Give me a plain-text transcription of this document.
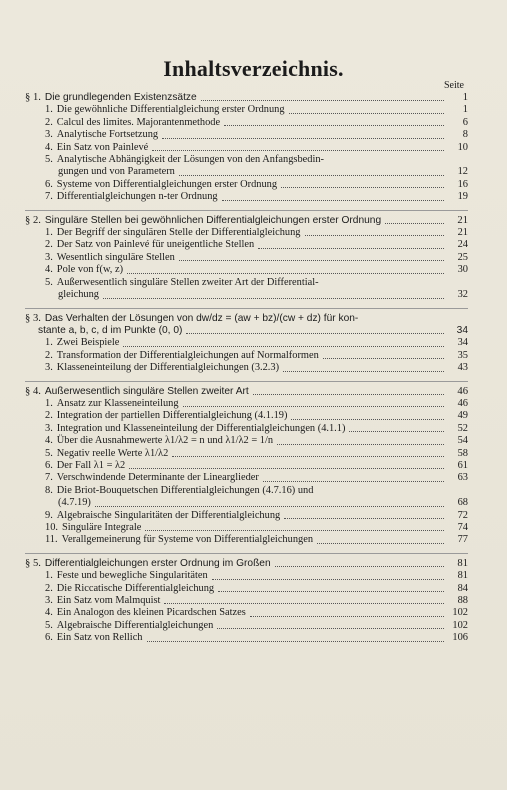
Inhaltsverzeichnis.
Seite
§ 1. Die grundlegenden Existenzsätze	1
1. Die gewöhnliche Differentialgleichung erster Ordnung	1
2. Calcul des limites. Majorantenmethode	6
3. Analytische Fortsetzung	8
4. Ein Satz von Painlevé	10
5. Analytische Abhängigkeit der Lösungen von den Anfangsbedin-
gungen und von Parametern	12
6. Systeme von Differentialgleichungen erster Ordnung	16
7. Differentialgleichungen n-ter Ordnung	19
§ 2. Singuläre Stellen bei gewöhnlichen Differentialgleichungen erster Ordnung	21
1. Der Begriff der singulären Stelle der Differentialgleichung	21
2. Der Satz von Painlevé für uneigentliche Stellen	24
3. Wesentlich singuläre Stellen	25
4. Pole von f(w, z)	30
5. Außerwesentlich singuläre Stellen zweiter Art der Differential-
gleichung	32
§ 3. Das Verhalten der Lösungen von dw/dz = (aw + bz)/(cw + dz) für kon-
stante a, b, c, d im Punkte (0, 0)	34
1. Zwei Beispiele	34
2. Transformation der Differentialgleichungen auf Normalformen	35
3. Klasseneinteilung der Differentialgleichungen (3.2.3)	43
§ 4. Außerwesentlich singuläre Stellen zweiter Art	46
1. Ansatz zur Klasseneinteilung	46
2. Integration der partiellen Differentialgleichung (4.1.19)	49
3. Integration und Klasseneinteilung der Differentialgleichungen (4.1.1)	52
4. Über die Ausnahmewerte λ1/λ2 = n und λ1/λ2 = 1/n	54
5. Negativ reelle Werte λ1/λ2	58
6. Der Fall λ1 = λ2	61
7. Verschwindende Determinante der Linearglieder	63
8. Die Briot-Bouquetschen Differentialgleichungen (4.7.16) und
(4.7.19)	68
9. Algebraische Singularitäten der Differentialgleichung	72
10. Singuläre Integrale	74
11. Verallgemeinerung für Systeme von Differentialgleichungen	77
§ 5. Differentialgleichungen erster Ordnung im Großen	81
1. Feste und bewegliche Singularitäten	81
2. Die Riccatische Differentialgleichung	84
3. Ein Satz vom Malmquist	88
4. Ein Analogon des kleinen Picardschen Satzes	102
5. Algebraische Differentialgleichungen	102
6. Ein Satz von Rellich	106
